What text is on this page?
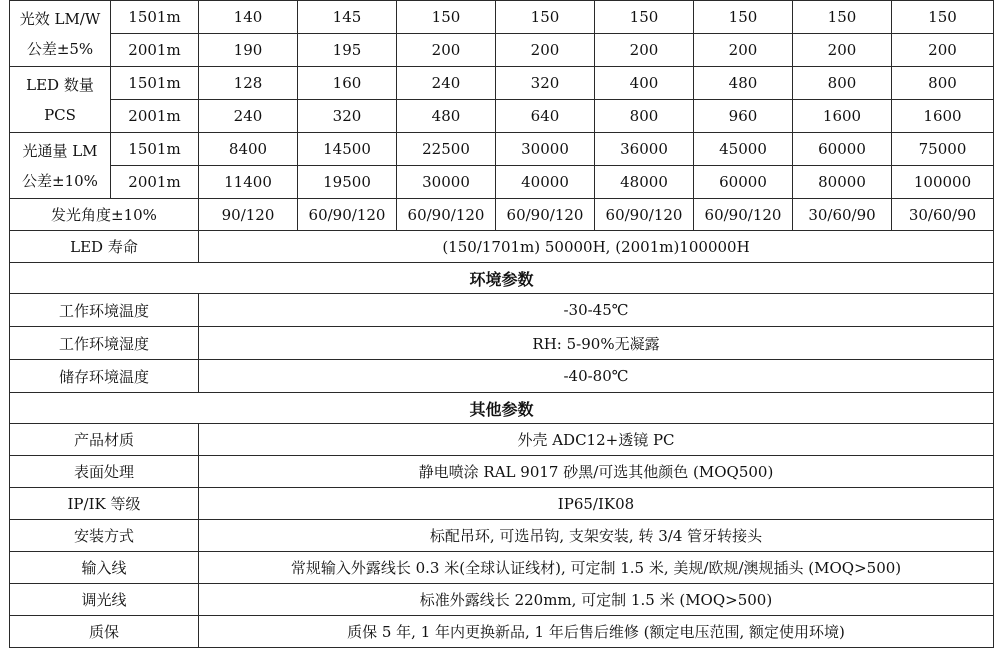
光效 LM/W
公差±5%	1501m	140	145	150	150	150	150	150	150
	2001m	190	195	200	200	200	200	200	200

LED 数量
PCS	1501m	128	160	240	320	400	480	800	800
	2001m	240	320	480	640	800	960	1600	1600

光通量 LM
公差±10%	1501m	8400	14500	22500	30000	36000	45000	60000	75000
	2001m	11400	19500	30000	40000	48000	60000	80000	100000
发光角度±10%		90/120	60/90/120	60/90/120	60/90/120	60/90/120	60/90/120	30/60/90	30/60/90
LED 寿命		(150/1701m) 50000H, (2001m)100000H							
环境参数									
工作环境温度		-30-45℃							
工作环境湿度		RH: 5-90%无凝露							
储存环境温度		-40-80℃							
其他参数									
产品材质		外壳 ADC12+透镜 PC							
表面处理		静电喷涂 RAL 9017 砂黑/可选其他颜色 (MOQ500)							
IP/IK 等级		IP65/IK08							
安装方式		标配吊环, 可选吊钩, 支架安装, 转 3/4 管牙转接头							
输入线		常规输入外露线长 0.3 米(全球认证线材), 可定制 1.5 米, 美规/欧规/澳规插头 (MOQ>500)							
调光线		标准外露线长 220mm, 可定制 1.5 米 (MOQ>500)							
质保		质保 5 年, 1 年内更换新品, 1 年后售后维修 (额定电压范围, 额定使用环境)							
